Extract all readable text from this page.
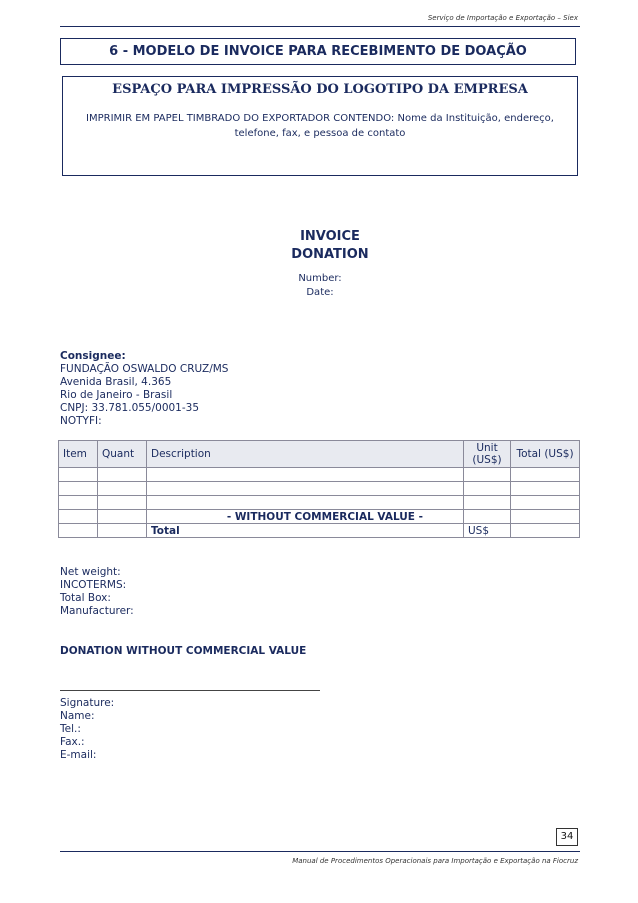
Serviço de Importação e Exportação – Siex
6 - MODELO DE INVOICE PARA RECEBIMENTO DE DOAÇÃO
ESPAÇO PARA IMPRESSÃO DO LOGOTIPO DA EMPRESA
IMPRIMIR EM PAPEL TIMBRADO DO EXPORTADOR CONTENDO: Nome da Instituição, endereço, telefone, fax, e pessoa de contato
INVOICE
DONATION
Number:
Date:
Consignee:
FUNDAÇÃO OSWALDO CRUZ/MS
Avenida Brasil, 4.365
Rio de Janeiro - Brasil
CNPJ: 33.781.055/0001-35
NOTYFI:
Item	Quant	Description	Unit (US$)	Total (US$)

		- WITHOUT COMMERCIAL VALUE -		
		Total	US$	
Net weight:
INCOTERMS:
Total Box:
Manufacturer:
DONATION WITHOUT COMMERCIAL VALUE
Signature:
Name:
Tel.:
Fax.:
E-mail:
34
Manual de Procedimentos Operacionais para Importação e Exportação na Fiocruz
